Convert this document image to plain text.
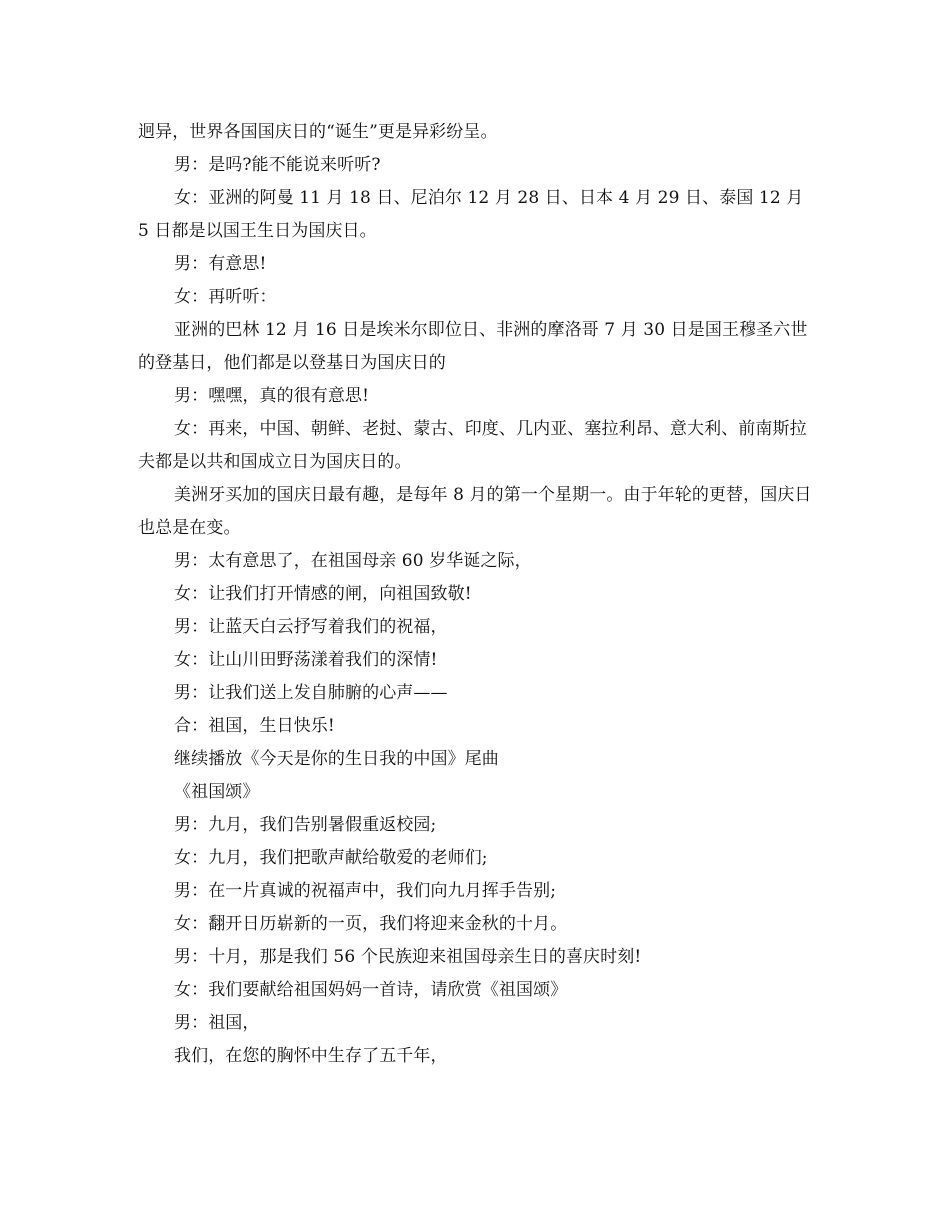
迥异，世界各国国庆日的“诞生”更是异彩纷呈。

男：是吗?能不能说来听听?

女：亚洲的阿曼 11 月 18 日、尼泊尔 12 月 28 日、日本 4 月 29 日、泰国 12 月 5 日都是以国王生日为国庆日。

男：有意思!

女：再听听：

亚洲的巴林 12 月 16 日是埃米尔即位日、非洲的摩洛哥 7 月 30 日是国王穆圣六世的登基日，他们都是以登基日为国庆日的

男：嘿嘿，真的很有意思!

女：再来，中国、朝鲜、老挝、蒙古、印度、几内亚、塞拉利昂、意大利、前南斯拉夫都是以共和国成立日为国庆日的。

美洲牙买加的国庆日最有趣，是每年 8 月的第一个星期一。由于年轮的更替，国庆日也总是在变。

男：太有意思了，在祖国母亲 60 岁华诞之际，

女：让我们打开情感的闸，向祖国致敬!

男：让蓝天白云抒写着我们的祝福，

女：让山川田野荡漾着我们的深情!

男：让我们送上发自肺腑的心声——

合：祖国，生日快乐!

继续播放《今天是你的生日我的中国》尾曲

《祖国颂》

男：九月，我们告别暑假重返校园;

女：九月，我们把歌声献给敬爱的老师们;

男：在一片真诚的祝福声中，我们向九月挥手告别;

女：翻开日历崭新的一页，我们将迎来金秋的十月。

男：十月，那是我们 56 个民族迎来祖国母亲生日的喜庆时刻!

女：我们要献给祖国妈妈一首诗，请欣赏《祖国颂》

男：祖国，

我们，在您的胸怀中生存了五千年，
